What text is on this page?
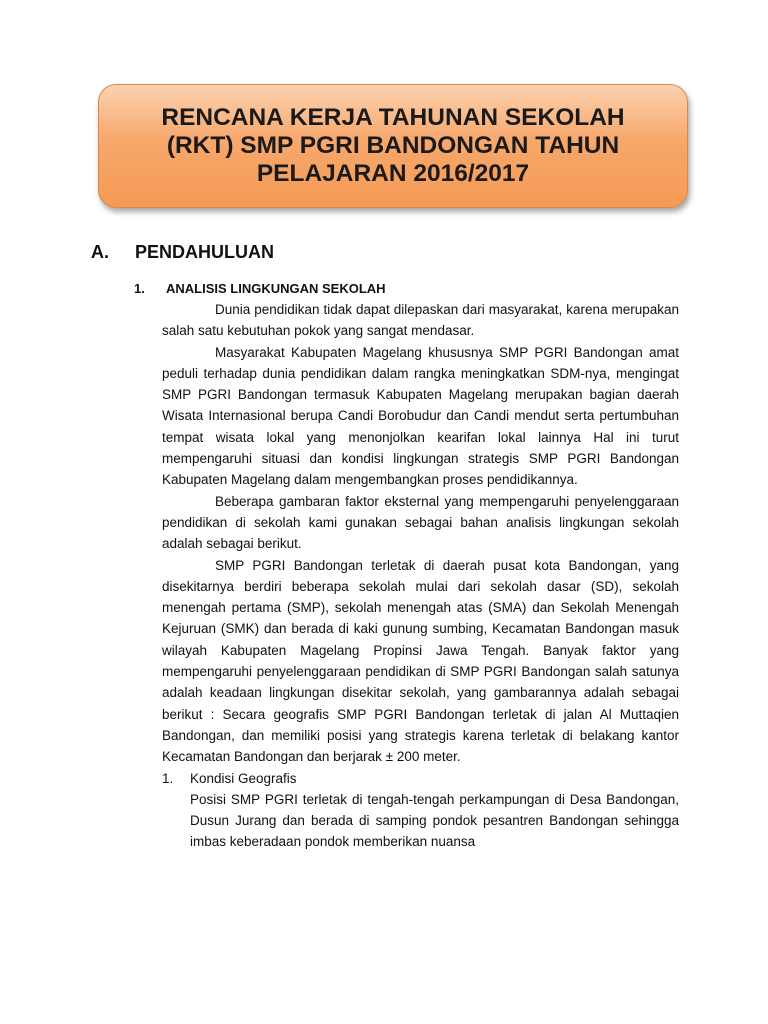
RENCANA KERJA TAHUNAN SEKOLAH
(RKT) SMP PGRI BANDONGAN TAHUN
PELAJARAN 2016/2017
A. PENDAHULUAN
1. ANALISIS LINGKUNGAN SEKOLAH

Dunia pendidikan tidak dapat dilepaskan dari masyarakat, karena merupakan salah satu kebutuhan pokok yang sangat mendasar.

Masyarakat Kabupaten Magelang khususnya SMP PGRI Bandongan amat peduli terhadap dunia pendidikan dalam rangka meningkatkan SDM-nya, mengingat SMP PGRI Bandongan termasuk Kabupaten Magelang merupakan bagian daerah Wisata Internasional berupa Candi Borobudur dan Candi mendut serta pertumbuhan tempat wisata lokal yang menonjolkan kearifan lokal lainnya Hal ini turut mempengaruhi situasi dan kondisi lingkungan strategis SMP PGRI Bandongan Kabupaten Magelang dalam mengembangkan proses pendidikannya.

Beberapa gambaran faktor eksternal yang mempengaruhi penyelenggaraan pendidikan di sekolah kami gunakan sebagai bahan analisis lingkungan sekolah adalah sebagai berikut.

SMP PGRI Bandongan terletak di daerah pusat kota Bandongan, yang disekitarnya berdiri beberapa sekolah mulai dari sekolah dasar (SD), sekolah menengah pertama (SMP), sekolah menengah atas (SMA) dan Sekolah Menengah Kejuruan (SMK) dan berada di kaki gunung sumbing, Kecamatan Bandongan masuk wilayah Kabupaten Magelang Propinsi Jawa Tengah. Banyak faktor yang mempengaruhi penyelenggaraan pendidikan di SMP PGRI Bandongan salah satunya adalah keadaan lingkungan disekitar sekolah, yang gambarannya adalah sebagai berikut : Secara geografis SMP PGRI Bandongan terletak di jalan Al Muttaqien Bandongan, dan memiliki posisi yang strategis karena terletak di belakang kantor Kecamatan Bandongan dan berjarak ± 200 meter.

1.	Kondisi Geografis

Posisi SMP PGRI terletak di tengah-tengah perkampungan di Desa Bandongan, Dusun Jurang dan berada di samping pondok pesantren Bandongan sehingga imbas keberadaan pondok memberikan nuansa
